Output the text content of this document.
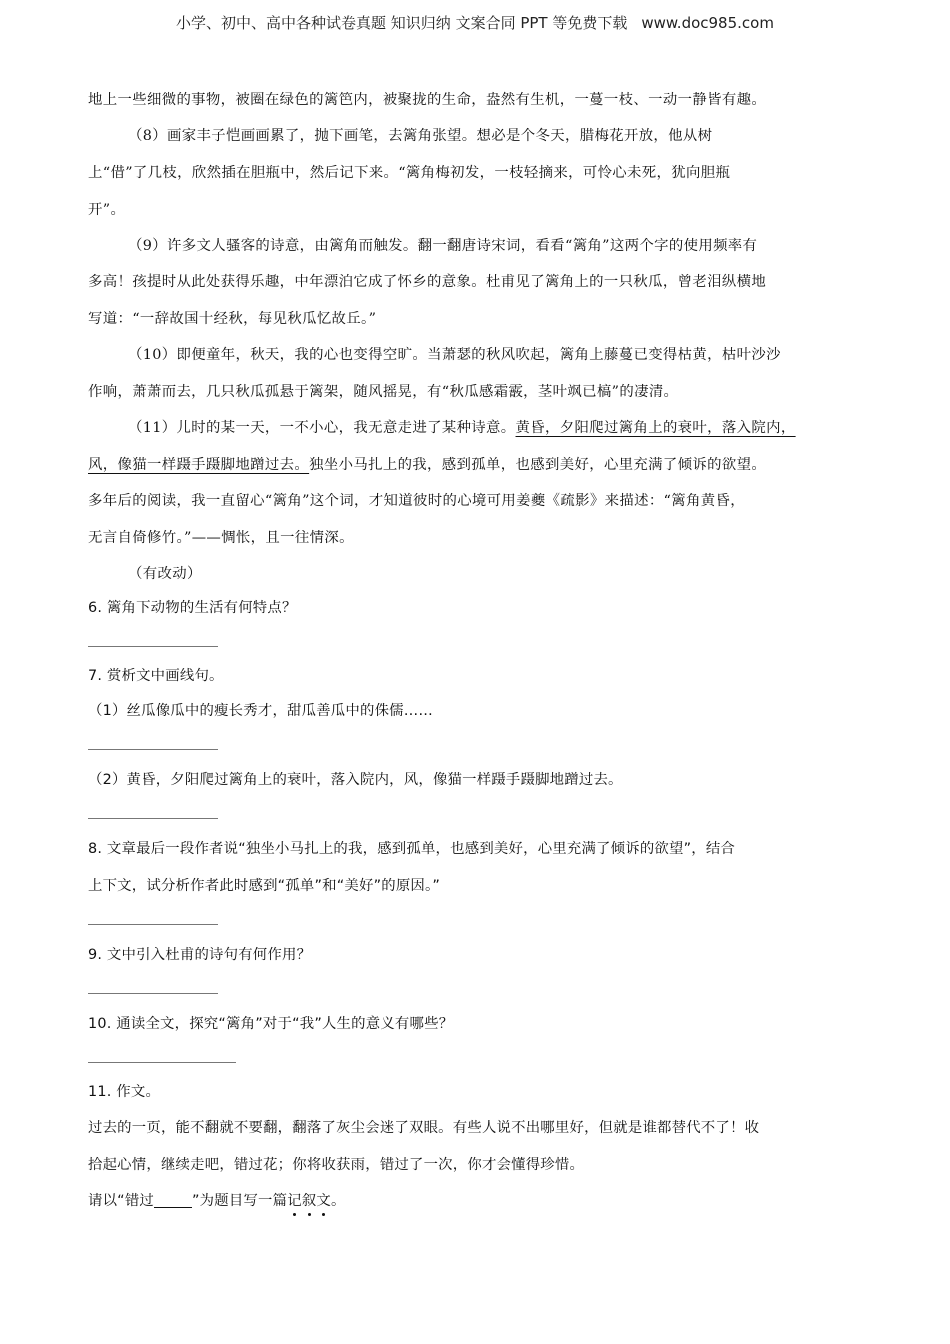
小学、初中、高中各种试卷真题 知识归纳 文案合同 PPT 等免费下载 www.doc985.com
地上一些细微的事物，被圈在绿色的篱笆内，被聚拢的生命，盎然有生机，一蔓一枝、一动一静皆有趣。
（8）画家丰子恺画画累了，抛下画笔，去篱角张望。想必是个冬天，腊梅花开放，他从树
上“借”了几枝，欣然插在胆瓶中，然后记下来。“篱角梅初发，一枝轻摘来，可怜心未死，犹向胆瓶
开”。
（9）许多文人骚客的诗意，由篱角而触发。翻一翻唐诗宋词，看看“篱角”这两个字的使用频率有
多高！孩提时从此处获得乐趣，中年漂泊它成了怀乡的意象。杜甫见了篱角上的一只秋瓜，曾老泪纵横地
写道：“一辞故国十经秋，每见秋瓜忆故丘。”
（10）即便童年，秋天，我的心也变得空旷。当萧瑟的秋风吹起，篱角上藤蔓已变得枯黄，枯叶沙沙
作响，萧萧而去，几只秋瓜孤悬于篱架，随风摇晃，有“秋瓜感霜霰，茎叶飒已槁”的凄清。
（11）儿时的某一天，一不小心，我无意走进了某种诗意。黄昏，夕阳爬过篱角上的衰叶，落入院内，
风，像猫一样蹑手蹑脚地蹭过去。独坐小马扎上的我，感到孤单，也感到美好，心里充满了倾诉的欲望。
多年后的阅读，我一直留心“篱角”这个词，才知道彼时的心境可用姜夔《疏影》来描述：“篱角黄昏，
无言自倚修竹。”——惆怅，且一往情深。
（有改动）
6. 篱角下动物的生活有何特点？
7. 赏析文中画线句。
（1）丝瓜像瓜中的瘦长秀才，甜瓜善瓜中的侏儒……
（2）黄昏，夕阳爬过篱角上的衰叶，落入院内，风，像猫一样蹑手蹑脚地蹭过去。
8. 文章最后一段作者说“独坐小马扎上的我，感到孤单，也感到美好，心里充满了倾诉的欲望”，结合
上下文，试分析作者此时感到“孤单”和“美好”的原因。”
9. 文中引入杜甫的诗句有何作用？
10. 通读全文，探究“篱角”对于“我”人生的意义有哪些？
11. 作文。
过去的一页，能不翻就不要翻，翻落了灰尘会迷了双眼。有些人说不出哪里好，但就是谁都替代不了！收
拾起心情，继续走吧，错过花；你将收获雨，错过了一次，你才会懂得珍惜。
请以“错过	”为题目写一篇记叙文。
